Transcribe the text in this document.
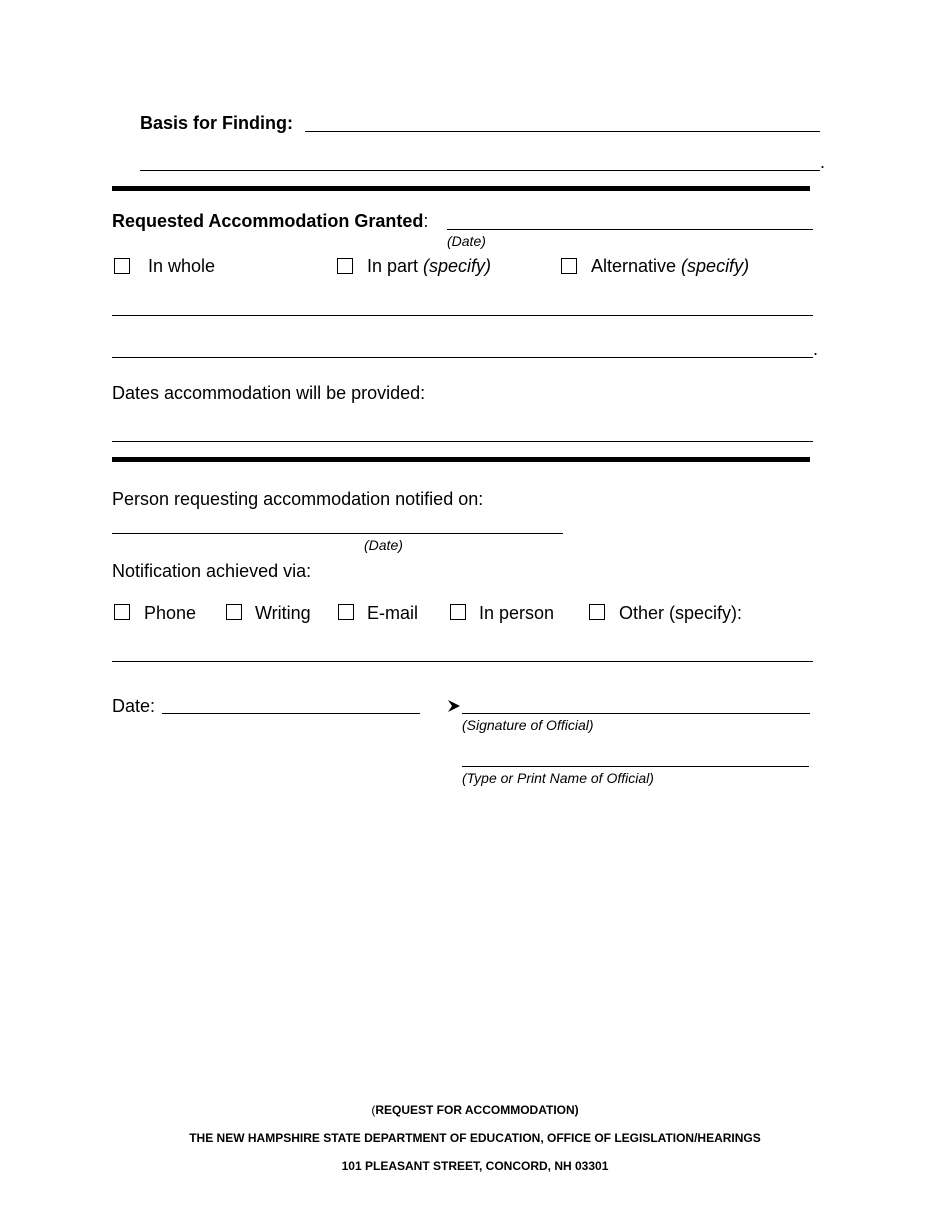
Basis for Finding:
.
Requested Accommodation Granted:
(Date)
In whole	In part (specify)	Alternative (specify)
.
Dates accommodation will be provided:
Person requesting accommodation notified on:
(Date)
Notification achieved via:
Phone	Writing	E-mail	In person	Other (specify):
Date:
(Signature of Official)
(Type or Print Name of Official)
(REQUEST FOR ACCOMMODATION)
THE NEW HAMPSHIRE STATE DEPARTMENT OF EDUCATION, OFFICE OF LEGISLATION/HEARINGS
101 PLEASANT STREET, CONCORD, NH 03301
